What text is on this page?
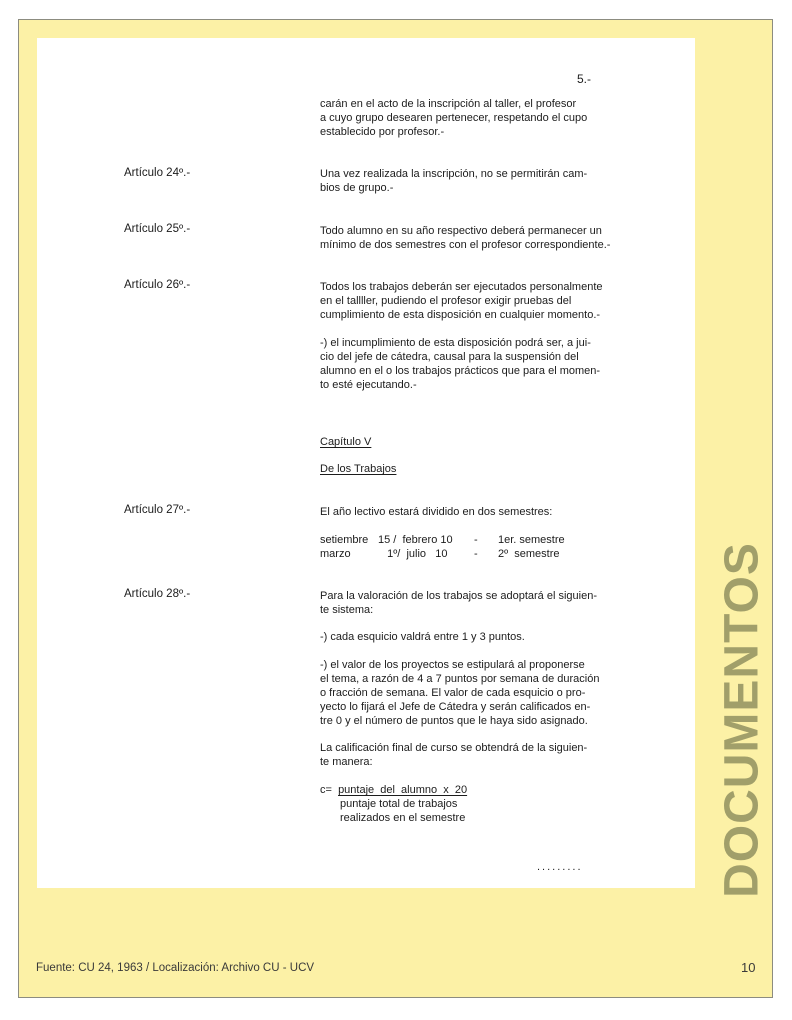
5.-
carán en el acto de la inscripción al taller, el profesor
a cuyo grupo desearen pertenecer, respetando el cupo
establecido por profesor.-
Artículo 24º.-	Una vez realizada la inscripción, no se permitirán cam-
bios de grupo.-
Artículo 25º.-	Todo alumno en su año respectivo deberá permanecer un
mínimo de dos semestres con el profesor correspondiente.-
Artículo 26º.-	Todos los trabajos deberán ser ejecutados personalmente
en el tallller, pudiendo el profesor exigir pruebas del
cumplimiento de esta disposición en cualquier momento.-
-) el incumplimiento de esta disposición podrá ser, a jui-
cio del jefe de cátedra, causal para la suspensión del
alumno en el o los trabajos prácticos que para el momen-
to esté ejecutando.-
Capítulo V
De los Trabajos
Artículo 27º.-	El año lectivo estará dividido en dos semestres:
setiembre 15 /  febrero 10	-	1er. semestre
marzo	1º/  julio   10	-	2º  semestre
Artículo 28º.-	Para la valoración de los trabajos se adoptará el siguien-
te sistema:
-) cada esquicio valdrá entre 1 y 3 puntos.
-) el valor de los proyectos se estipulará al proponerse
el tema, a razón de 4 a 7 puntos por semana de duración
o fracción de semana. El valor de cada esquicio o pro-
yecto lo fijará el Jefe de Cátedra y serán calificados en-
tre 0 y el número de puntos que le haya sido asignado.
La calificación final de curso se obtendrá de la siguien-
te manera:
c= puntaje  del  alumno  x  20
puntaje total de trabajos
realizados en el semestre
.........	DOCUMENTOS
Fuente: CU 24, 1963 / Localización: Archivo CU - UCV	10
